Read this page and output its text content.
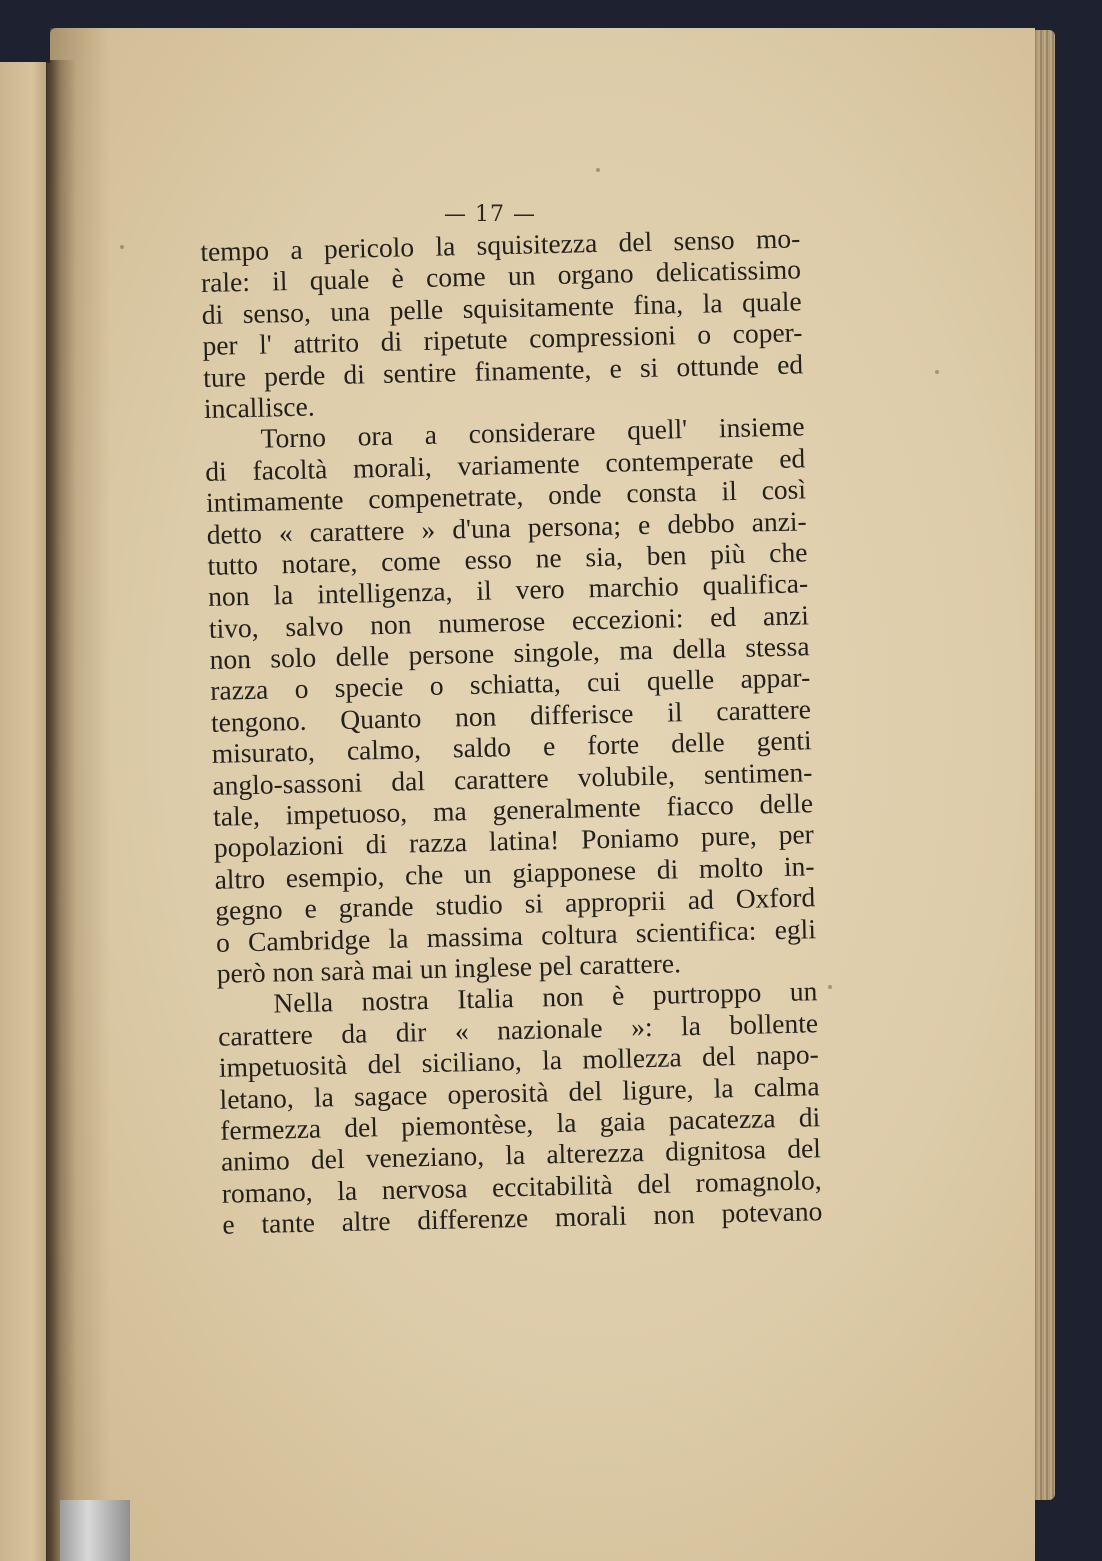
— 17 —
tempo a pericolo la squisitezza del senso mo-
rale: il quale è come un organo delicatissimo
di senso, una pelle squisitamente fina, la quale
per l' attrito di ripetute compressioni o coper-
ture perde di sentire finamente, e si ottunde ed
incallisce.
Torno ora a considerare quell' insieme
di facoltà morali, variamente contemperate ed
intimamente compenetrate, onde consta il così
detto « carattere » d'una persona; e debbo anzi-
tutto notare, come esso ne sia, ben più che
non la intelligenza, il vero marchio qualifica-
tivo, salvo non numerose eccezioni: ed anzi
non solo delle persone singole, ma della stessa
razza o specie o schiatta, cui quelle appar-
tengono. Quanto non differisce il carattere
misurato, calmo, saldo e forte delle genti
anglo-sassoni dal carattere volubile, sentimen-
tale, impetuoso, ma generalmente fiacco delle
popolazioni di razza latina! Poniamo pure, per
altro esempio, che un giapponese di molto in-
gegno e grande studio si approprii ad Oxford
o Cambridge la massima coltura scientifica: egli
però non sarà mai un inglese pel carattere.
Nella nostra Italia non è purtroppo un
carattere da dir « nazionale »: la bollente
impetuosità del siciliano, la mollezza del napo-
letano, la sagace operosità del ligure, la calma
fermezza del piemontèse, la gaia pacatezza di
animo del veneziano, la alterezza dignitosa del
romano, la nervosa eccitabilità del romagnolo,
e tante altre differenze morali non potevano
